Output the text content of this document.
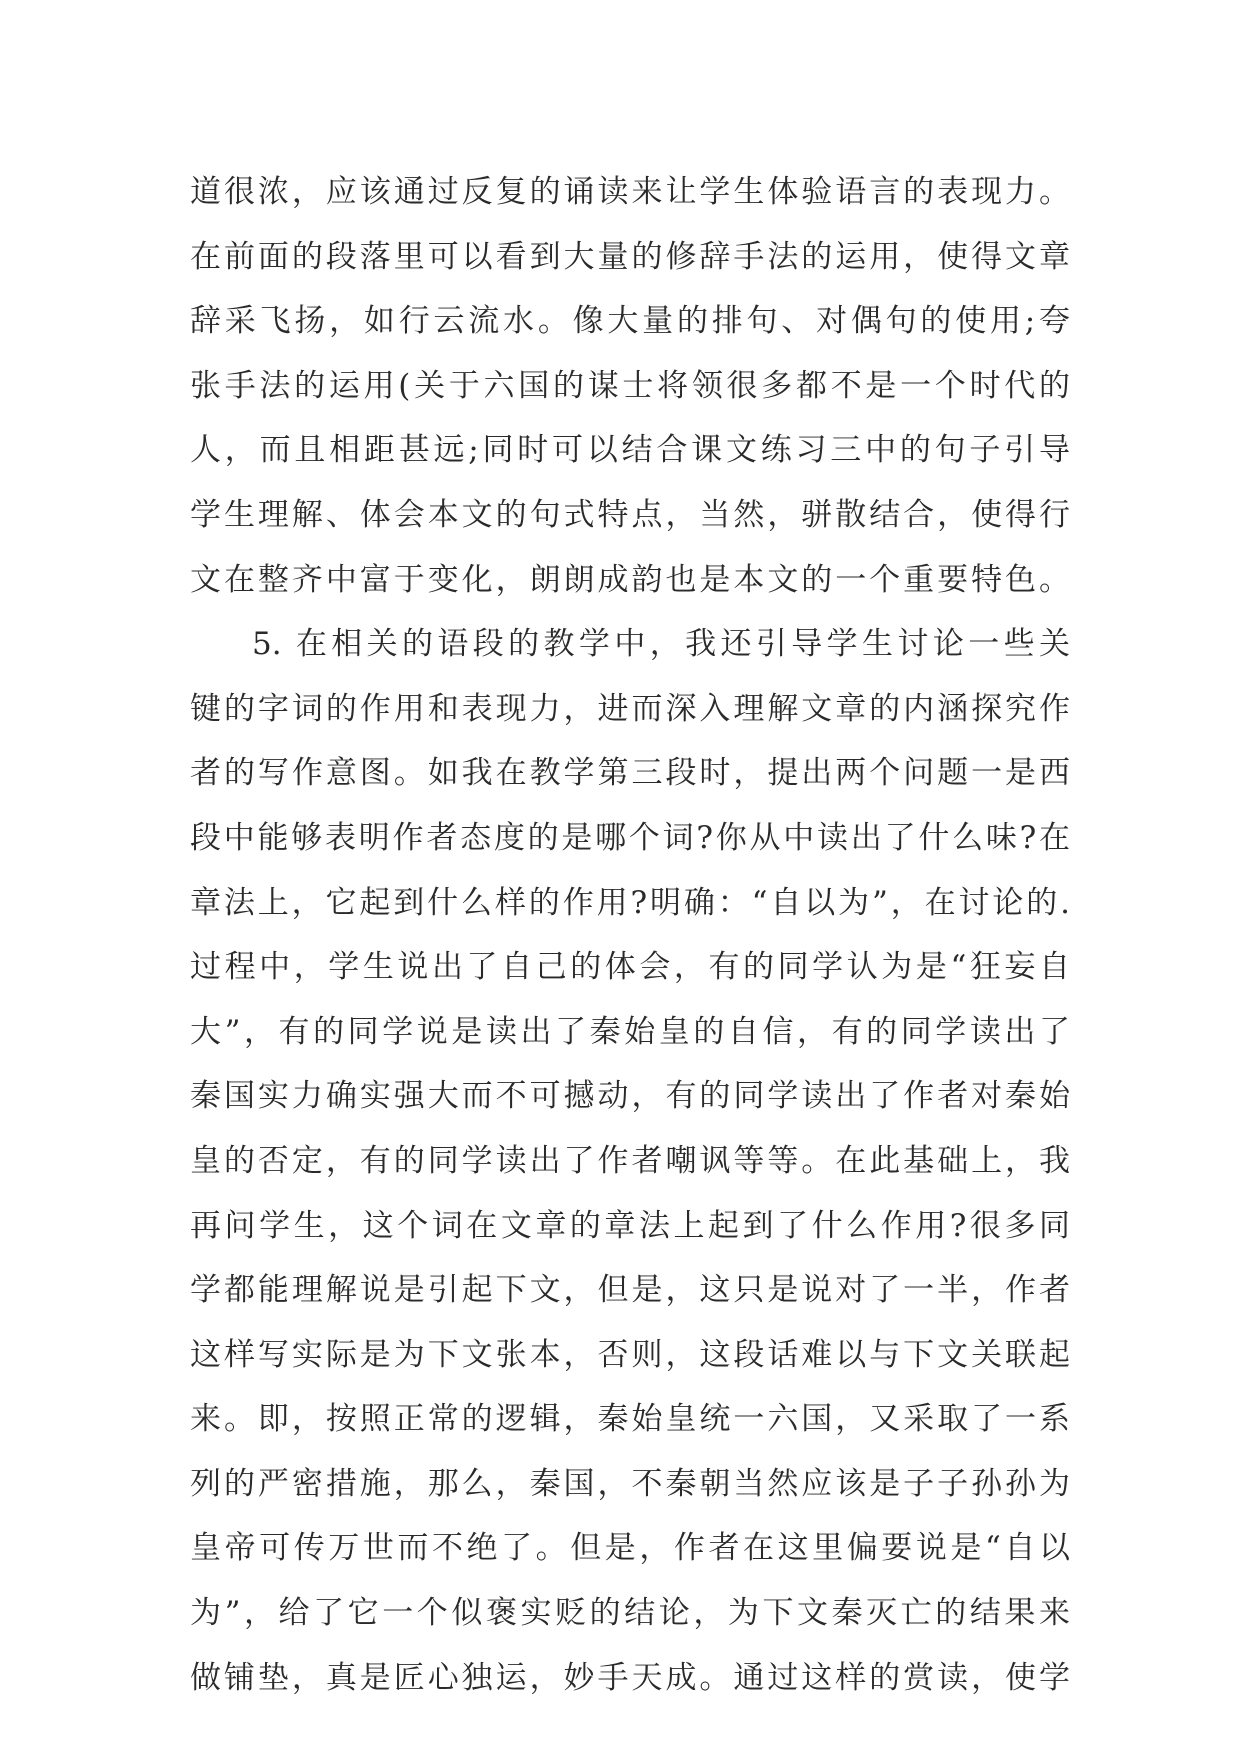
道很浓，应该通过反复的诵读来让学生体验语言的表现力。
在前面的段落里可以看到大量的修辞手法的运用，使得文章
辞采飞扬，如行云流水。像大量的排句、对偶句的使用;夸
张手法的运用(关于六国的谋士将领很多都不是一个时代的
人，而且相距甚远;同时可以结合课文练习三中的句子引导
学生理解、体会本文的句式特点，当然，骈散结合，使得行
文在整齐中富于变化，朗朗成韵也是本文的一个重要特色。
5. 在相关的语段的教学中，我还引导学生讨论一些关
键的字词的作用和表现力，进而深入理解文章的内涵探究作
者的写作意图。如我在教学第三段时，提出两个问题一是西
段中能够表明作者态度的是哪个词?你从中读出了什么味?在
章法上，它起到什么样的作用?明确：“自以为”，在讨论的.
过程中，学生说出了自己的体会，有的同学认为是“狂妄自
大”，有的同学说是读出了秦始皇的自信，有的同学读出了
秦国实力确实强大而不可撼动，有的同学读出了作者对秦始
皇的否定，有的同学读出了作者嘲讽等等。在此基础上，我
再问学生，这个词在文章的章法上起到了什么作用?很多同
学都能理解说是引起下文，但是，这只是说对了一半，作者
这样写实际是为下文张本，否则，这段话难以与下文关联起
来。即，按照正常的逻辑，秦始皇统一六国，又采取了一系
列的严密措施，那么，秦国，不秦朝当然应该是子子孙孙为
皇帝可传万世而不绝了。但是，作者在这里偏要说是“自以
为”，给了它一个似褒实贬的结论，为下文秦灭亡的结果来
做铺垫，真是匠心独运，妙手天成。通过这样的赏读，使学
